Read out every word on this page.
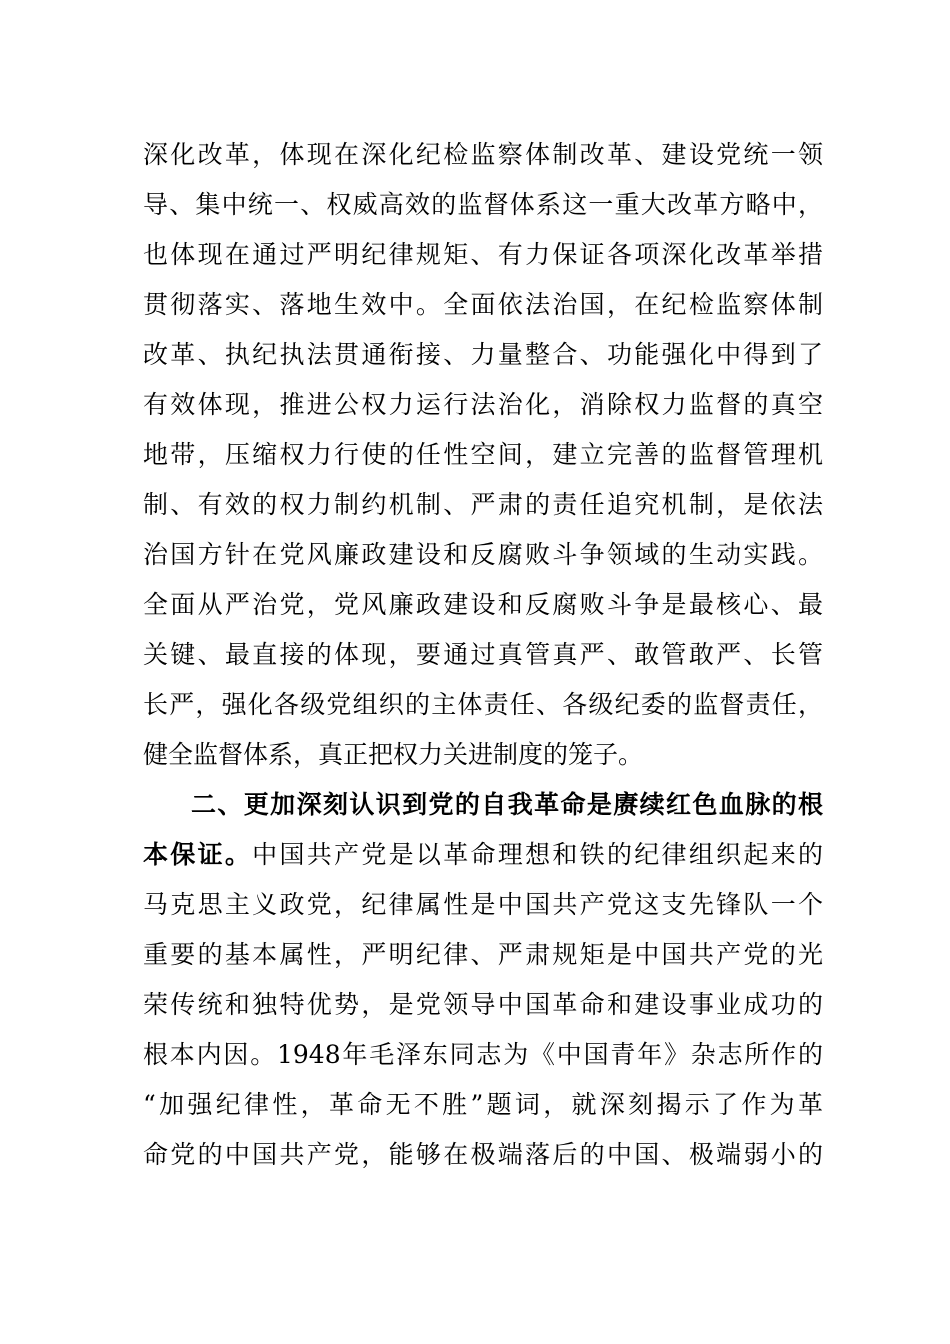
深化改革，体现在深化纪检监察体制改革、建设党统一领
导、集中统一、权威高效的监督体系这一重大改革方略中，
也体现在通过严明纪律规矩、有力保证各项深化改革举措
贯彻落实、落地生效中。全面依法治国，在纪检监察体制
改革、执纪执法贯通衔接、力量整合、功能强化中得到了
有效体现，推进公权力运行法治化，消除权力监督的真空
地带，压缩权力行使的任性空间，建立完善的监督管理机
制、有效的权力制约机制、严肃的责任追究机制，是依法
治国方针在党风廉政建设和反腐败斗争领域的生动实践。
全面从严治党，党风廉政建设和反腐败斗争是最核心、最
关键、最直接的体现，要通过真管真严、敢管敢严、长管
长严，强化各级党组织的主体责任、各级纪委的监督责任，
健全监督体系，真正把权力关进制度的笼子。
二、更加深刻认识到党的自我革命是赓续红色血脉的根
本保证。中国共产党是以革命理想和铁的纪律组织起来的
马克思主义政党，纪律属性是中国共产党这支先锋队一个
重要的基本属性，严明纪律、严肃规矩是中国共产党的光
荣传统和独特优势，是党领导中国革命和建设事业成功的
根本内因。1948年毛泽东同志为《中国青年》杂志所作的
“加强纪律性，革命无不胜”题词，就深刻揭示了作为革
命党的中国共产党，能够在极端落后的中国、极端弱小的
